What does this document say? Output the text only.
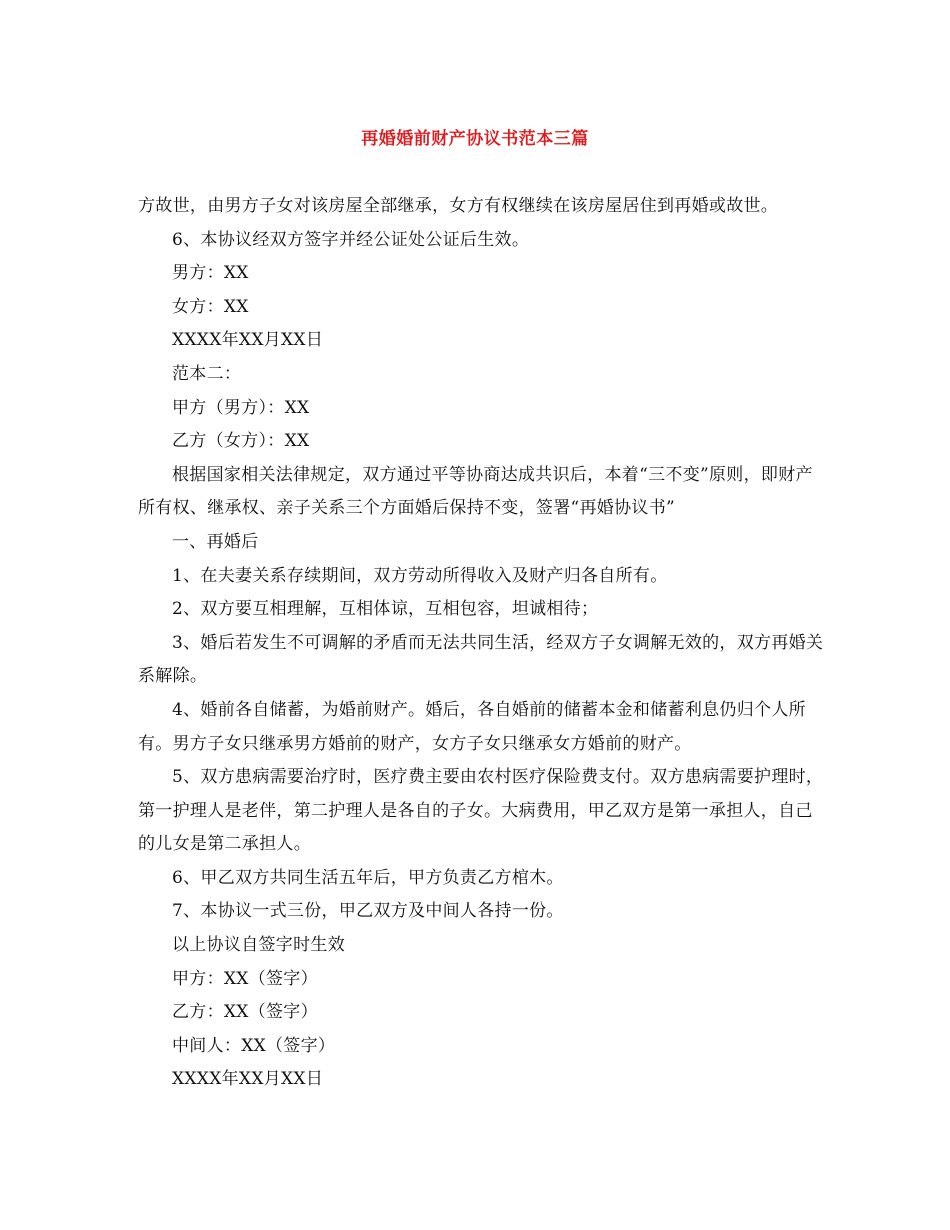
再婚婚前财产协议书范本三篇

方故世，由男方子女对该房屋全部继承，女方有权继续在该房屋居住到再婚或故世。

6、本协议经双方签字并经公证处公证后生效。

男方：XX

女方：XX

XXXX年XX月XX日

范本二：

甲方（男方）：XX

乙方（女方）：XX

根据国家相关法律规定，双方通过平等协商达成共识后，本着“三不变”原则，即财产所有权、继承权、亲子关系三个方面婚后保持不变，签署“再婚协议书”

一、再婚后

1、在夫妻关系存续期间，双方劳动所得收入及财产归各自所有。

2、双方要互相理解，互相体谅，互相包容，坦诚相待；

3、婚后若发生不可调解的矛盾而无法共同生活，经双方子女调解无效的，双方再婚关系解除。

4、婚前各自储蓄，为婚前财产。婚后，各自婚前的储蓄本金和储蓄利息仍归个人所有。男方子女只继承男方婚前的财产，女方子女只继承女方婚前的财产。

5、双方患病需要治疗时，医疗费主要由农村医疗保险费支付。双方患病需要护理时，第一护理人是老伴，第二护理人是各自的子女。大病费用，甲乙双方是第一承担人，自己的儿女是第二承担人。

6、甲乙双方共同生活五年后，甲方负责乙方棺木。

7、本协议一式三份，甲乙双方及中间人各持一份。

以上协议自签字时生效

甲方：XX（签字）

乙方：XX（签字）

中间人：XX（签字）

XXXX年XX月XX日
